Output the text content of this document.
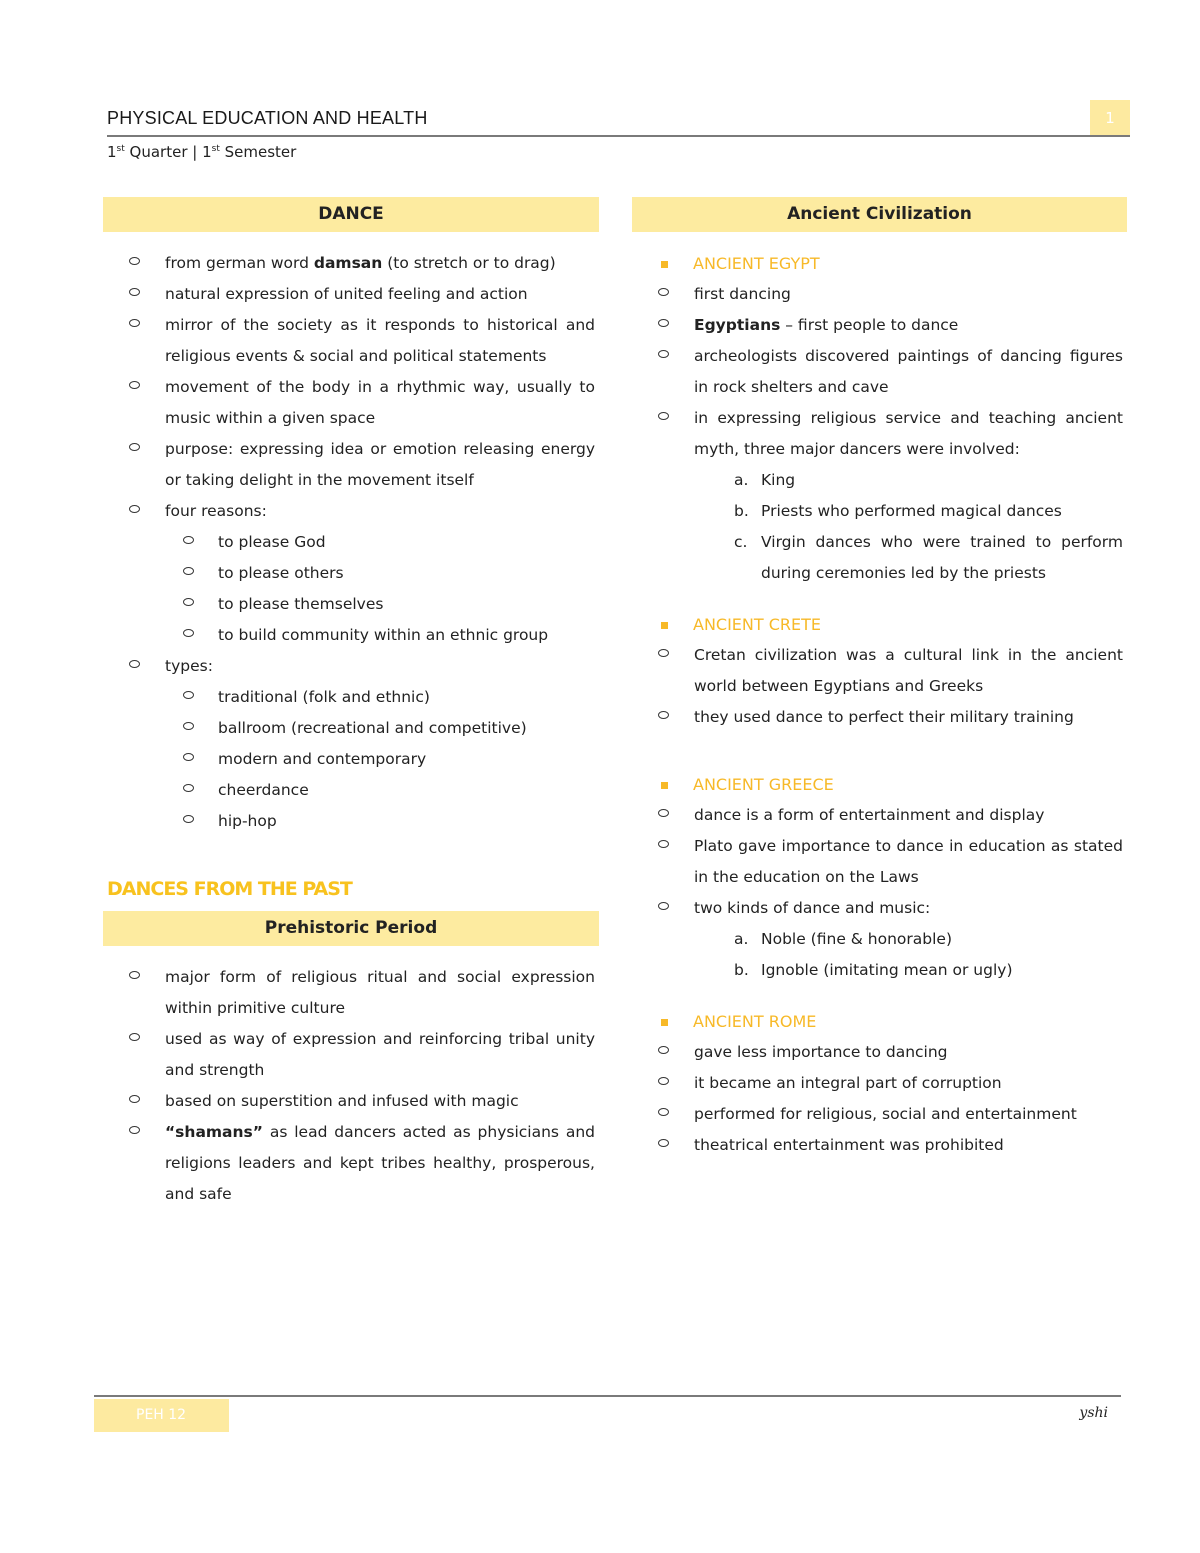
PHYSICAL EDUCATION AND HEALTH	1
1st Quarter | 1st Semester
DANCE
from german word damsan (to stretch or to drag)
natural expression of united feeling and action
mirror of the society as it responds to historical and religious events & social and political statements
movement of the body in a rhythmic way, usually to music within a given space
purpose: expressing idea or emotion releasing energy or taking delight in the movement itself
four reasons:
to please God
to please others
to please themselves
to build community within an ethnic group
types:
traditional (folk and ethnic)
ballroom (recreational and competitive)
modern and contemporary
cheerdance
hip-hop
DANCES FROM THE PAST
Prehistoric Period
major form of religious ritual and social expression within primitive culture
used as way of expression and reinforcing tribal unity and strength
based on superstition and infused with magic
“shamans” as lead dancers acted as physicians and religions leaders and kept tribes healthy, prosperous, and safe
Ancient Civilization
ANCIENT EGYPT
first dancing
Egyptians – first people to dance
archeologists discovered paintings of dancing figures in rock shelters and cave
in expressing religious service and teaching ancient myth, three major dancers were involved:
a. King
b. Priests who performed magical dances
c. Virgin dances who were trained to perform during ceremonies led by the priests
ANCIENT CRETE
Cretan civilization was a cultural link in the ancient world between Egyptians and Greeks
they used dance to perfect their military training
ANCIENT GREECE
dance is a form of entertainment and display
Plato gave importance to dance in education as stated in the education on the Laws
two kinds of dance and music:
a. Noble (fine & honorable)
b. Ignoble (imitating mean or ugly)
ANCIENT ROME
gave less importance to dancing
it became an integral part of corruption
performed for religious, social and entertainment
theatrical entertainment was prohibited
PEH 12	yshi
